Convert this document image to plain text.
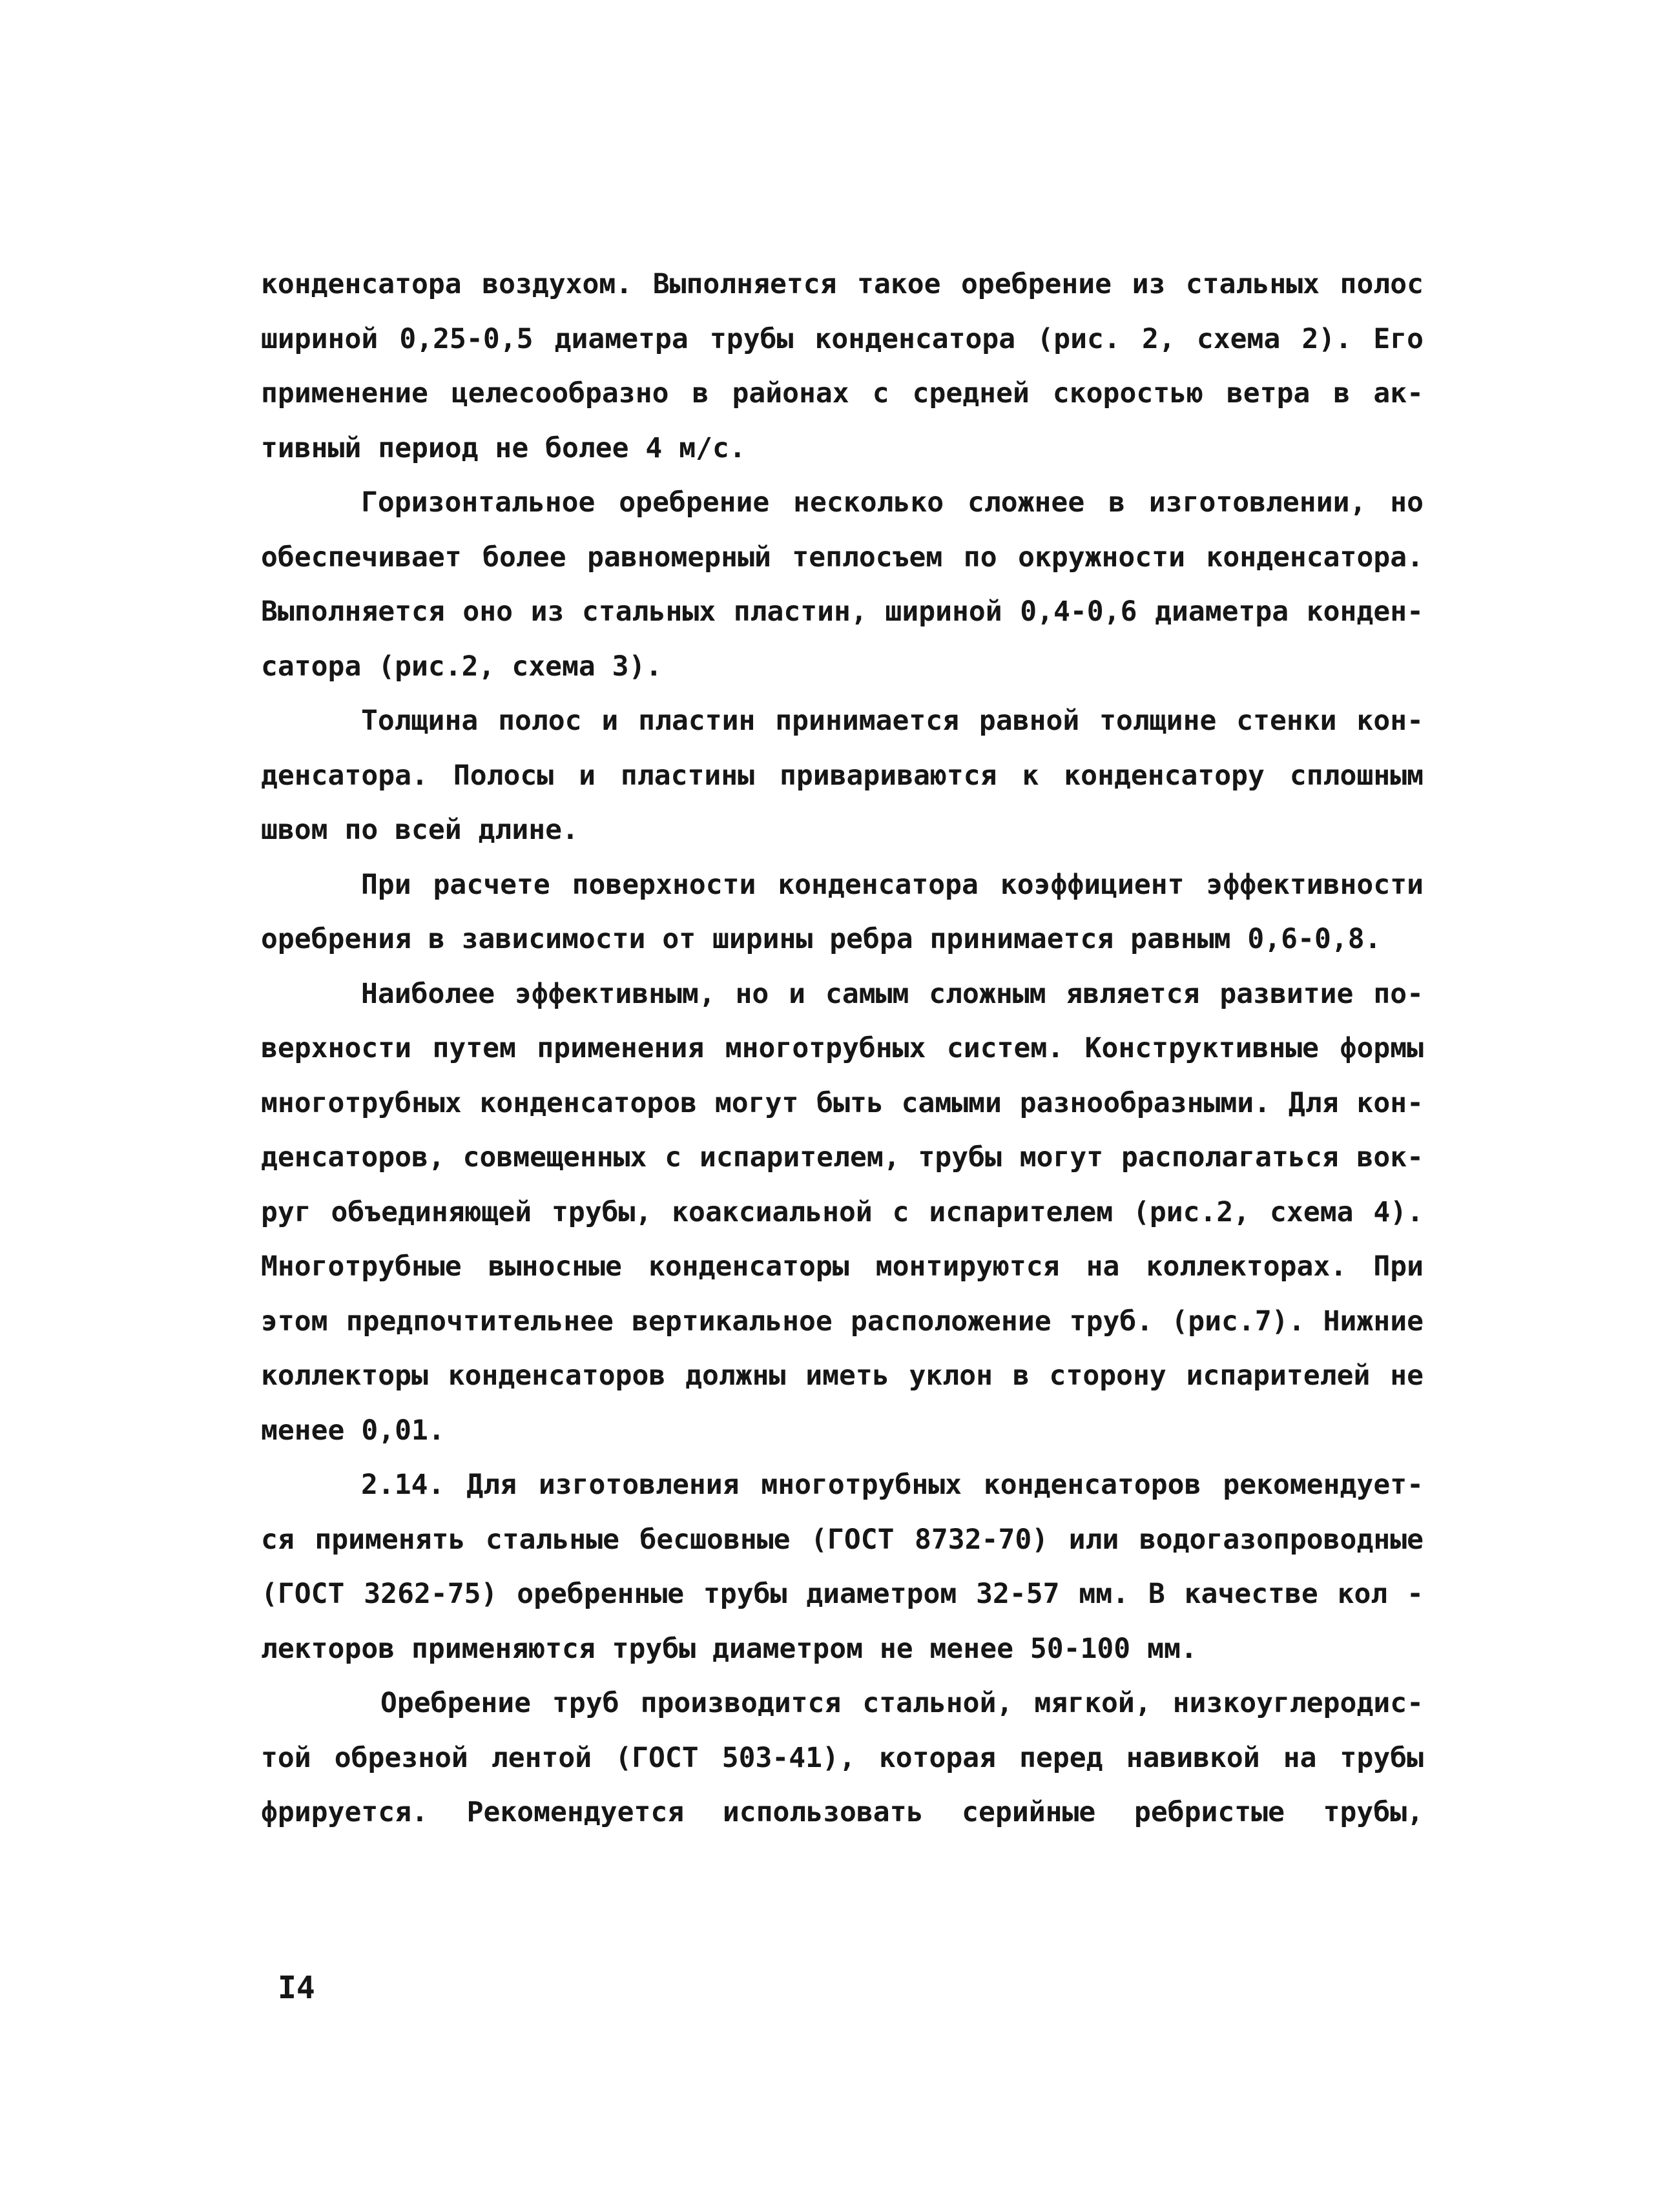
конденсатора воздухом. Выполняется такое оребрение из стальных полос
шириной 0,25-0,5 диаметра трубы конденсатора (рис. 2, схема 2). Его
применение целесообразно в районах с средней скоростью ветра в ак-
тивный период не более 4 м/с.
Горизонтальное оребрение несколько сложнее в изготовлении, но
обеспечивает более равномерный теплосъем по окружности конденсатора.
Выполняется оно из стальных пластин, шириной 0,4-0,6 диаметра конден-
сатора (рис.2, схема 3).
Толщина полос и пластин принимается равной толщине стенки кон-
денсатора. Полосы и пластины привариваются к конденсатору сплошным
швом по всей длине.
При расчете поверхности конденсатора коэффициент эффективности
оребрения в зависимости от ширины ребра принимается равным 0,6-0,8.
Наиболее эффективным, но и самым сложным является развитие по-
верхности путем применения многотрубных систем. Конструктивные формы
многотрубных конденсаторов могут быть самыми разнообразными. Для кон-
денсаторов, совмещенных с испарителем, трубы могут располагаться вок-
руг объединяющей трубы, коаксиальной с испарителем (рис.2, схема 4).
Многотрубные выносные конденсаторы монтируются на коллекторах. При
этом предпочтительнее вертикальное расположение труб. (рис.7). Нижние
коллекторы конденсаторов должны иметь уклон в сторону испарителей не
менее 0,01.
2.14. Для изготовления многотрубных конденсаторов рекомендует-
ся применять стальные бесшовные (ГОСТ 8732-70) или водогазопроводные
(ГОСТ 3262-75) оребренные трубы диаметром 32-57 мм. В качестве кол -
лекторов применяются трубы диаметром не менее 50-100 мм.
Оребрение труб производится стальной, мягкой, низкоуглеродис-
той обрезной лентой (ГОСТ 503-41), которая перед навивкой на трубы
фрируется. Рекомендуется использовать серийные ребристые трубы,
I4
